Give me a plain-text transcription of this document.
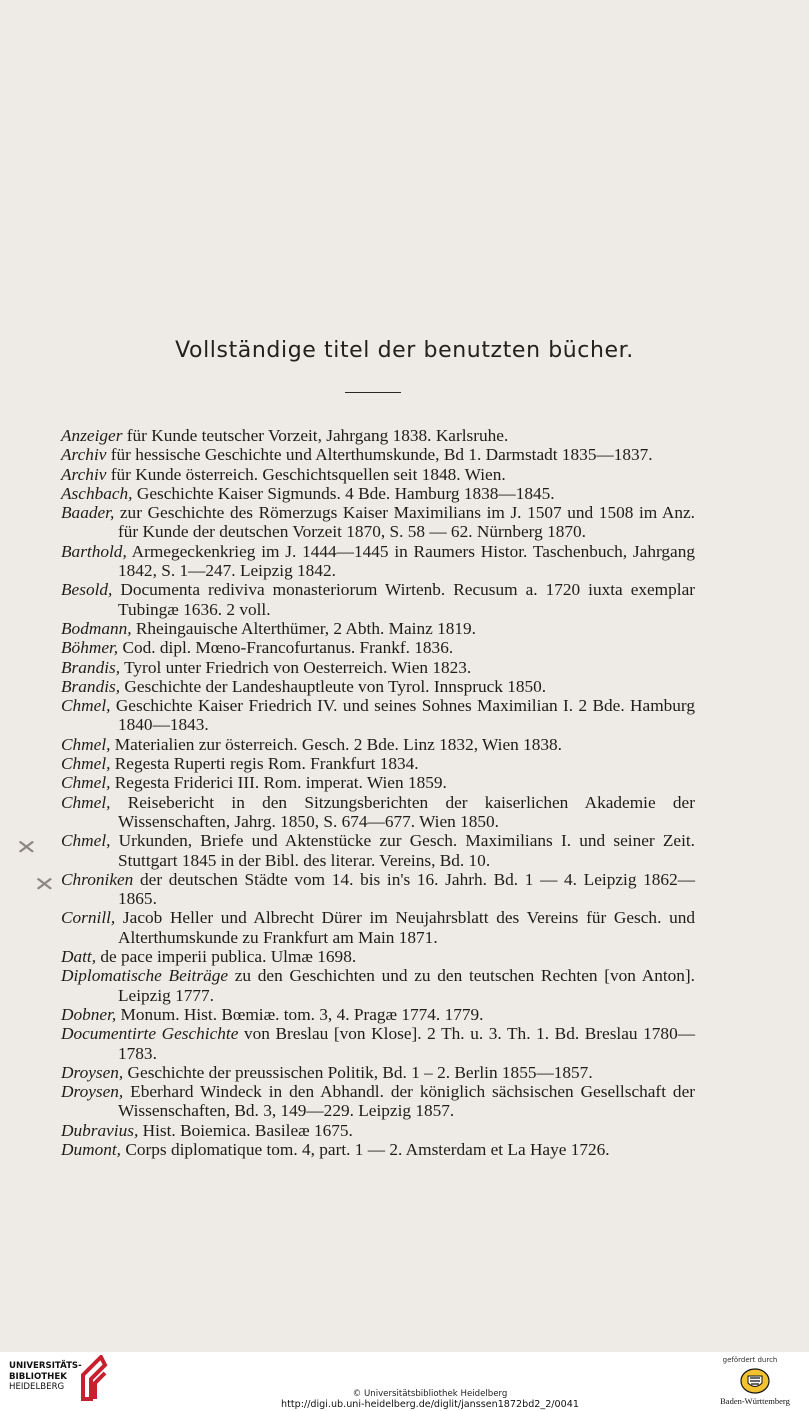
Vollständige titel der benutzten bücher.
Anzeiger für Kunde teutscher Vorzeit, Jahrgang 1838. Karlsruhe.
Archiv für hessische Geschichte und Alterthumskunde, Bd 1. Darmstadt 1835—1837.
Archiv für Kunde österreich. Geschichtsquellen seit 1848. Wien.
Aschbach, Geschichte Kaiser Sigmunds. 4 Bde. Hamburg 1838—1845.
Baader, zur Geschichte des Römerzugs Kaiser Maximilians im J. 1507 und 1508 im Anz. für Kunde der deutschen Vorzeit 1870, S. 58 — 62. Nürnberg 1870.
Barthold, Armegeckenkrieg im J. 1444—1445 in Raumers Histor. Taschenbuch, Jahrgang 1842, S. 1—247. Leipzig 1842.
Besold, Documenta rediviva monasteriorum Wirtenb. Recusum a. 1720 iuxta exemplar Tubingæ 1636. 2 voll.
Bodmann, Rheingauische Alterthümer, 2 Abth. Mainz 1819.
Böhmer, Cod. dipl. Mœno-Francofurtanus. Frankf. 1836.
Brandis, Tyrol unter Friedrich von Oesterreich. Wien 1823.
Brandis, Geschichte der Landeshauptleute von Tyrol. Innspruck 1850.
Chmel, Geschichte Kaiser Friedrich IV. und seines Sohnes Maximilian I. 2 Bde. Hamburg 1840—1843.
Chmel, Materialien zur österreich. Gesch. 2 Bde. Linz 1832, Wien 1838.
Chmel, Regesta Ruperti regis Rom. Frankfurt 1834.
Chmel, Regesta Friderici III. Rom. imperat. Wien 1859.
Chmel, Reisebericht in den Sitzungsberichten der kaiserlichen Akademie der Wissenschaften, Jahrg. 1850, S. 674—677. Wien 1850.
Chmel, Urkunden, Briefe und Aktenstücke zur Gesch. Maximilians I. und seiner Zeit. Stuttgart 1845 in der Bibl. des literar. Vereins, Bd. 10.
Chroniken der deutschen Städte vom 14. bis in's 16. Jahrh. Bd. 1 — 4. Leipzig 1862—1865.
Cornill, Jacob Heller und Albrecht Dürer im Neujahrsblatt des Vereins für Gesch. und Alterthumskunde zu Frankfurt am Main 1871.
Datt, de pace imperii publica. Ulmæ 1698.
Diplomatische Beiträge zu den Geschichten und zu den teutschen Rechten [von Anton]. Leipzig 1777.
Dobner, Monum. Hist. Bœmiæ. tom. 3, 4. Pragæ 1774. 1779.
Documentirte Geschichte von Breslau [von Klose]. 2 Th. u. 3. Th. 1. Bd. Breslau 1780—1783.
Droysen, Geschichte der preussischen Politik, Bd. 1 – 2. Berlin 1855—1857.
Droysen, Eberhard Windeck in den Abhandl. der königlich sächsischen Gesellschaft der Wissenschaften, Bd. 3, 149—229. Leipzig 1857.
Dubravius, Hist. Boiemica. Basileæ 1675.
Dumont, Corps diplomatique tom. 4, part. 1 — 2. Amsterdam et La Haye 1726.
✕
✕
UNIVERSITÄTS-
BIBLIOTHEK
HEIDELBERG
© Universitätsbibliothek Heidelberg
http://digi.ub.uni-heidelberg.de/diglit/janssen1872bd2_2/0041
gefördert durch
Baden-Württemberg
